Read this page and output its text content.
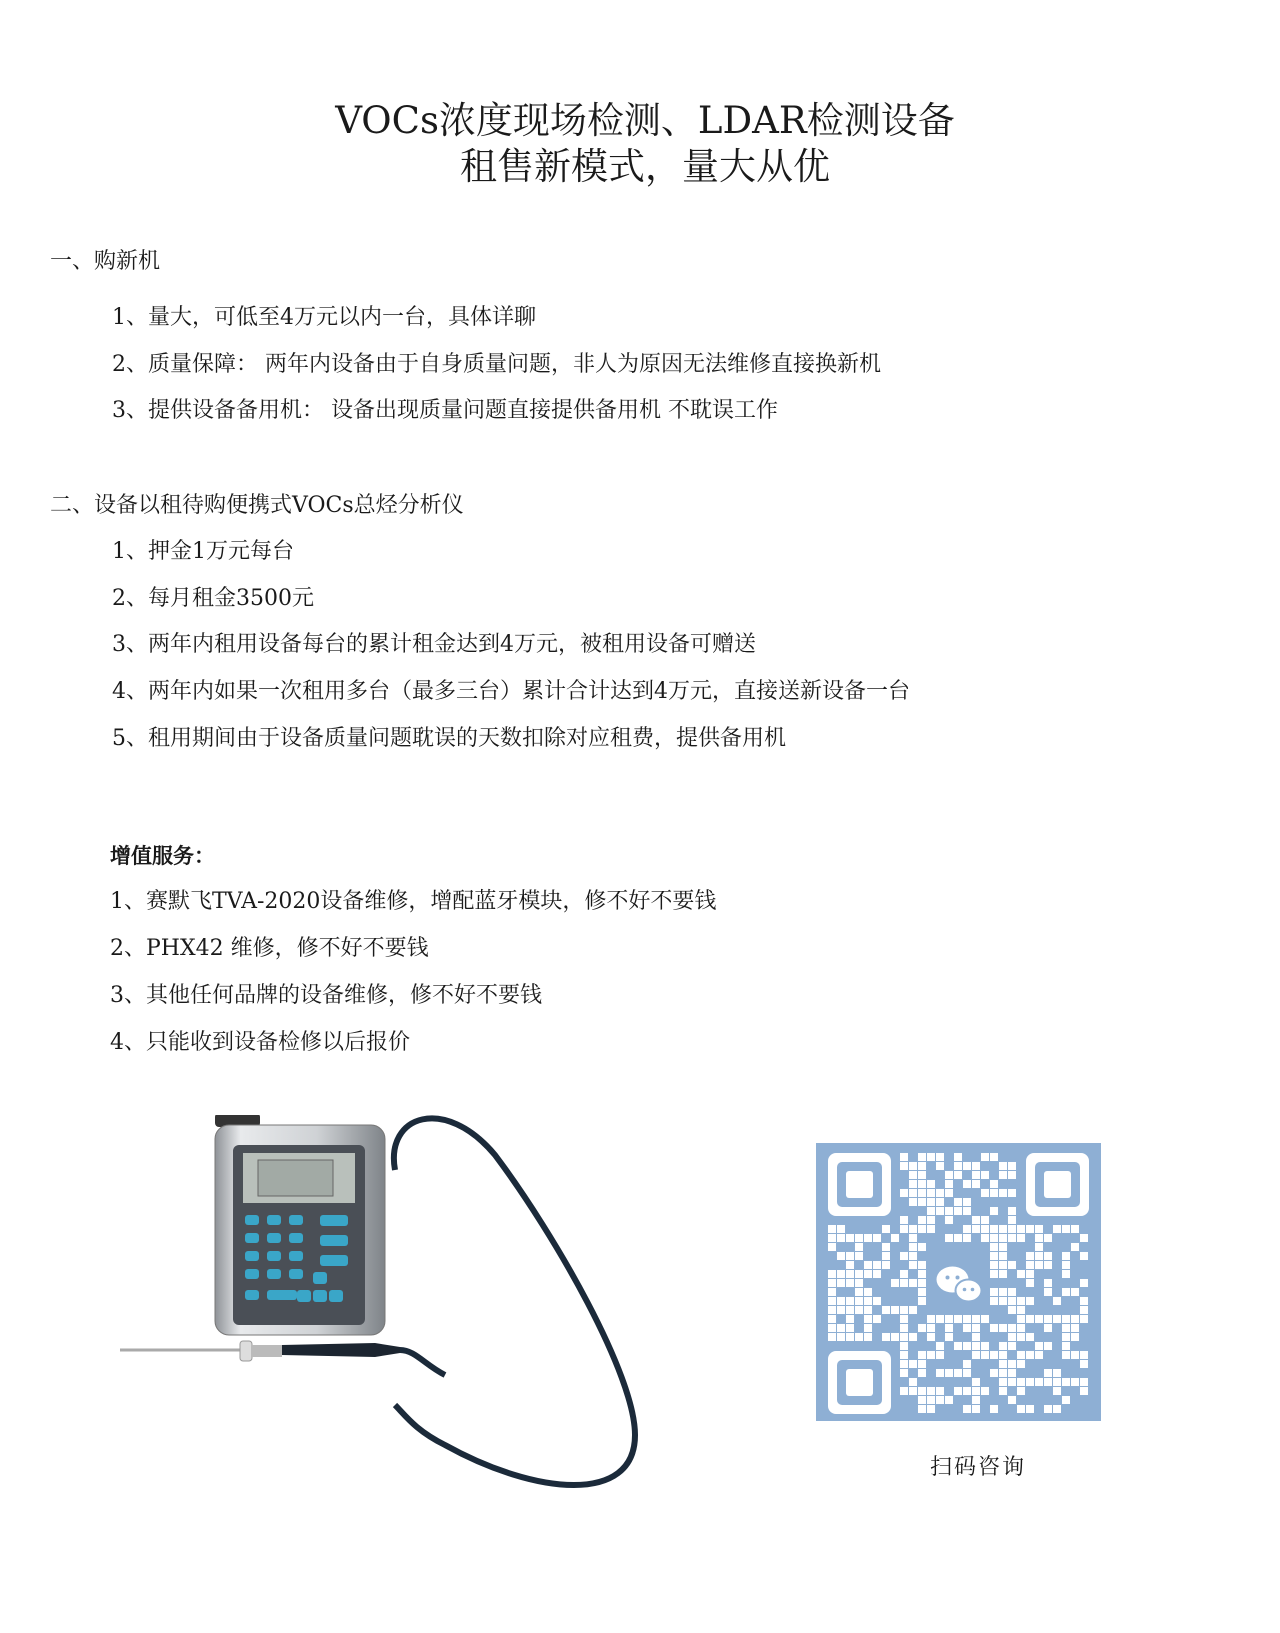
VOCs浓度现场检测、LDAR检测设备
租售新模式，量大从优
一、购新机
1、量大，可低至4万元以内一台，具体详聊
2、质量保障： 两年内设备由于自身质量问题，非人为原因无法维修直接换新机
3、提供设备备用机： 设备出现质量问题直接提供备用机 不耽误工作
二、设备以租待购便携式VOCs总烃分析仪
1、押金1万元每台
2、每月租金3500元
3、两年内租用设备每台的累计租金达到4万元，被租用设备可赠送
4、两年内如果一次租用多台（最多三台）累计合计达到4万元，直接送新设备一台
5、租用期间由于设备质量问题耽误的天数扣除对应租费，提供备用机
增值服务：
1、赛默飞TVA-2020设备维修，增配蓝牙模块，修不好不要钱
2、PHX42 维修，修不好不要钱
3、其他任何品牌的设备维修，修不好不要钱
4、只能收到设备检修以后报价
扫码咨询
